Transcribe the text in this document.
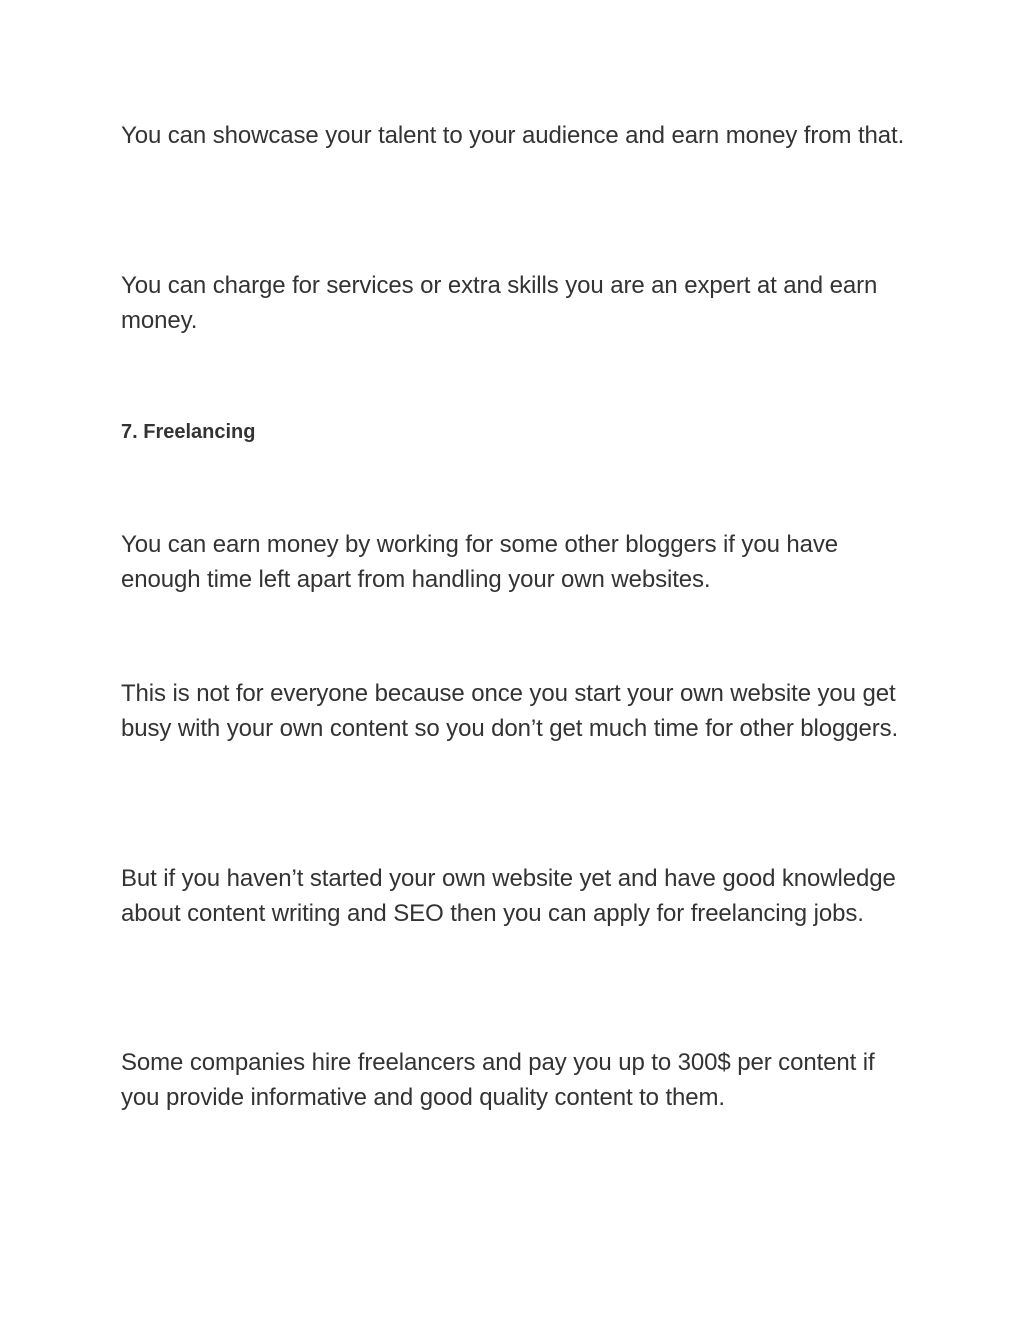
You can showcase your talent to your audience and earn money from that.

You can charge for services or extra skills you are an expert at and earn money.

7. Freelancing

You can earn money by working for some other bloggers if you have enough time left apart from handling your own websites.

This is not for everyone because once you start your own website you get busy with your own content so you don’t get much time for other bloggers.

But if you haven’t started your own website yet and have good knowledge about content writing and SEO then you can apply for freelancing jobs.

Some companies hire freelancers and pay you up to 300$ per content if you provide informative and good quality content to them.
